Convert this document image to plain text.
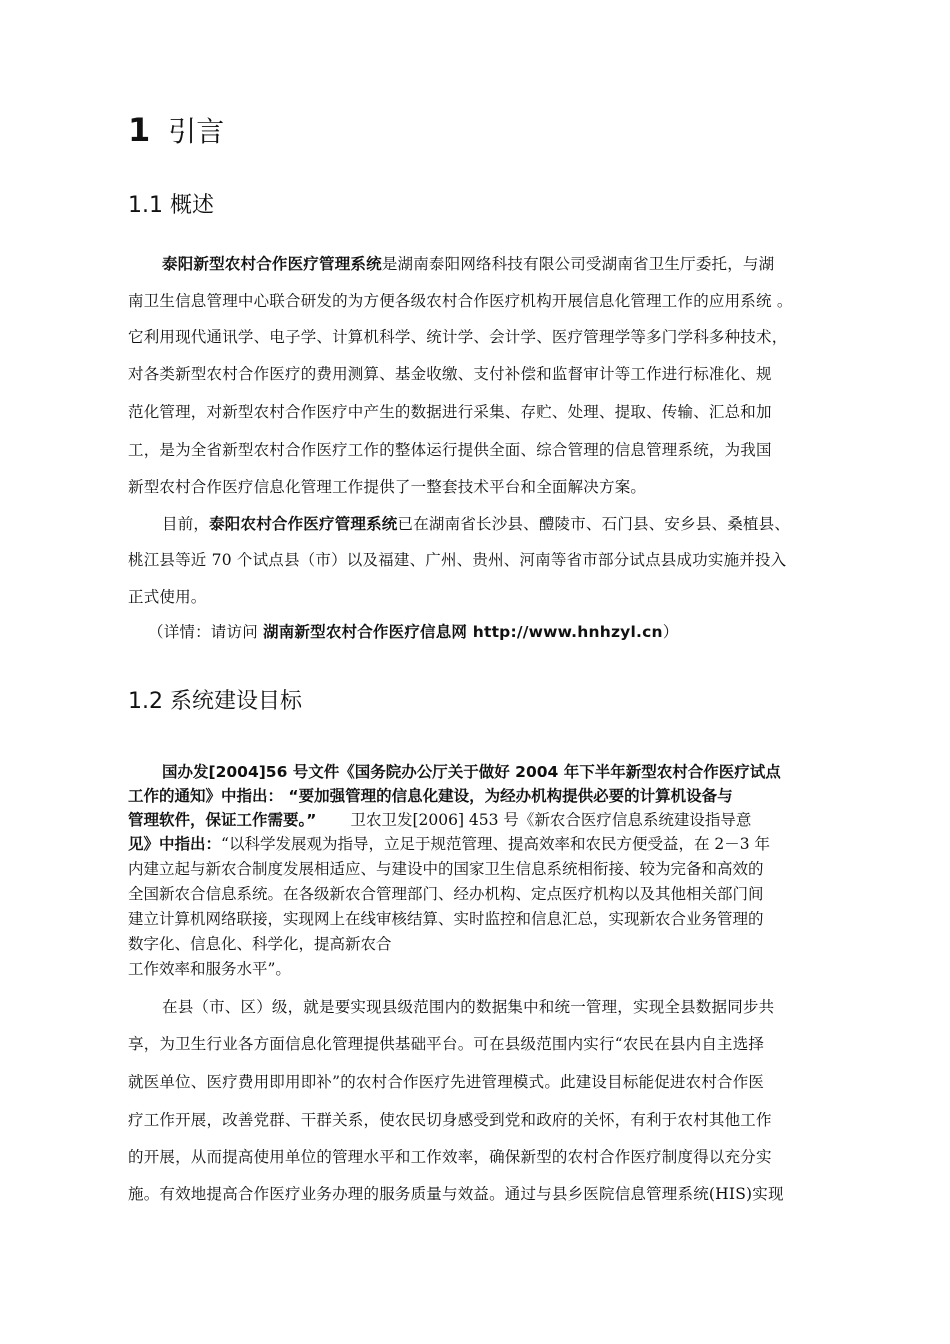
1 引言
1.1 概述
泰阳新型农村合作医疗管理系统是湖南泰阳网络科技有限公司受湖南省卫生厅委托，与湖
南卫生信息管理中心联合研发的为方便各级农村合作医疗机构开展信息化管理工作的应用系统 。
它利用现代通讯学、电子学、计算机科学、统计学、会计学、医疗管理学等多门学科多种技术，
对各类新型农村合作医疗的费用测算、基金收缴、支付补偿和监督审计等工作进行标准化、规
范化管理，对新型农村合作医疗中产生的数据进行采集、存贮、处理、提取、传输、汇总和加
工，是为全省新型农村合作医疗工作的整体运行提供全面、综合管理的信息管理系统，为我国
新型农村合作医疗信息化管理工作提供了一整套技术平台和全面解决方案。
目前，泰阳农村合作医疗管理系统已在湖南省长沙县、醴陵市、石门县、安乡县、桑植县、
桃江县等近 70 个试点县（市）以及福建、广州、贵州、河南等省市部分试点县成功实施并投入
正式使用。
（详情：请访问 湖南新型农村合作医疗信息网 http://www.hnhzyl.cn）
1.2 系统建设目标
国办发[2004]56 号文件《国务院办公厅关于做好 2004 年下半年新型农村合作医疗试点
工作的通知》中指出： “要加强管理的信息化建设，为经办机构提供必要的计算机设备与
管理软件，保证工作需要。” 卫农卫发[2006] 453 号《新农合医疗信息系统建设指导意
见》中指出：“以科学发展观为指导，立足于规范管理、提高效率和农民方便受益，在 2－3 年
内建立起与新农合制度发展相适应、与建设中的国家卫生信息系统相衔接、较为完备和高效的
全国新农合信息系统。在各级新农合管理部门、经办机构、定点医疗机构以及其他相关部门间
建立计算机网络联接，实现网上在线审核结算、实时监控和信息汇总，实现新农合业务管理的
数字化、信息化、科学化，提高新农合
工作效率和服务水平”。
在县（市、区）级，就是要实现县级范围内的数据集中和统一管理，实现全县数据同步共
享，为卫生行业各方面信息化管理提供基础平台。可在县级范围内实行“农民在县内自主选择
就医单位、医疗费用即用即补”的农村合作医疗先进管理模式。此建设目标能促进农村合作医
疗工作开展，改善党群、干群关系，使农民切身感受到党和政府的关怀，有利于农村其他工作
的开展，从而提高使用单位的管理水平和工作效率，确保新型的农村合作医疗制度得以充分实
施。有效地提高合作医疗业务办理的服务质量与效益。通过与县乡医院信息管理系统(HIS)实现
